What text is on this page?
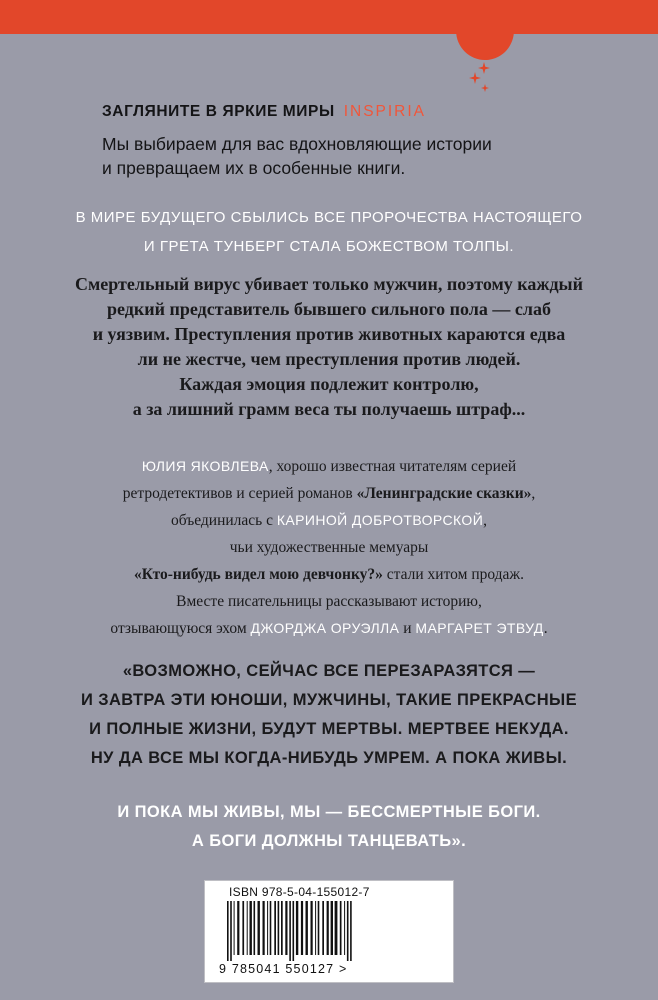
ЗАГЛЯНИТЕ В ЯРКИЕ МИРЫ INSPIRIA

Мы выбираем для вас вдохновляющие истории
и превращаем их в особенные книги.

В МИРЕ БУДУЩЕГО СБЫЛИСЬ ВСЕ ПРОРОЧЕСТВА НАСТОЯЩЕГО
И ГРЕТА ТУНБЕРГ СТАЛА БОЖЕСТВОМ ТОЛПЫ.

Смертельный вирус убивает только мужчин, поэтому каждый
редкий представитель бывшего сильного пола — слаб
и уязвим. Преступления против животных караются едва
ли не жестче, чем преступления против людей.
Каждая эмоция подлежит контролю,
а за лишний грамм веса ты получаешь штраф...

ЮЛИЯ ЯКОВЛЕВА, хорошо известная читателям серией
ретродетективов и серией романов «Ленинградские сказки»,
объединилась с КАРИНОЙ ДОБРОТВОРСКОЙ,
чьи художественные мемуары
«Кто-нибудь видел мою девчонку?» стали хитом продаж.
Вместе писательницы рассказывают историю,
отзывающуюся эхом ДЖОРДЖА ОРУЭЛЛА и МАРГАРЕТ ЭТВУД.

«ВОЗМОЖНО, СЕЙЧАС ВСЕ ПЕРЕЗАРАЗЯТСЯ —
И ЗАВТРА ЭТИ ЮНОШИ, МУЖЧИНЫ, ТАКИЕ ПРЕКРАСНЫЕ
И ПОЛНЫЕ ЖИЗНИ, БУДУТ МЕРТВЫ. МЕРТВЕЕ НЕКУДА.
НУ ДА ВСЕ МЫ КОГДА-НИБУДЬ УМРЕМ. А ПОКА ЖИВЫ.

И ПОКА МЫ ЖИВЫ, МЫ — БЕССМЕРТНЫЕ БОГИ.
А БОГИ ДОЛЖНЫ ТАНЦЕВАТЬ».

ISBN 978-5-04-155012-7
9 785041 550127 >
